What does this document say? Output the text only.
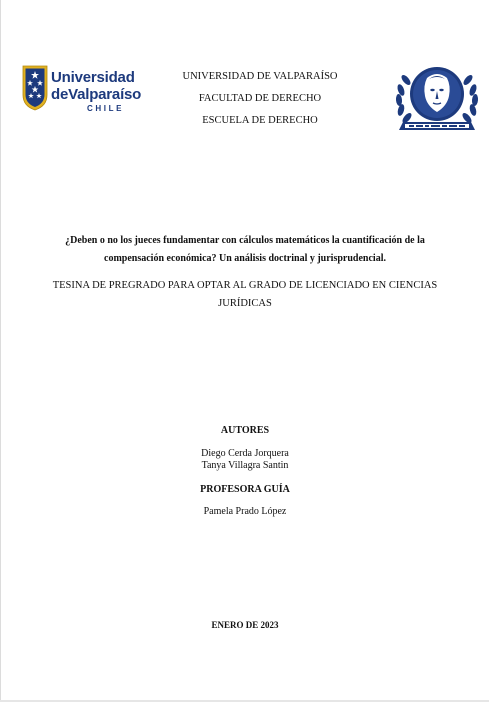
Universidad
deValparaíso
CHILE
UNIVERSIDAD DE VALPARAÍSO
FACULTAD DE DERECHO
ESCUELA DE DERECHO
¿Deben o no los jueces fundamentar con cálculos matemáticos la cuantificación de la compensación económica? Un análisis doctrinal y jurisprudencial.
TESINA DE PREGRADO PARA OPTAR AL GRADO DE LICENCIADO EN CIENCIAS JURÍDICAS
AUTORES
Diego Cerda Jorquera
Tanya Villagra Santin
PROFESORA GUÍA
Pamela Prado López
ENERO DE 2023
